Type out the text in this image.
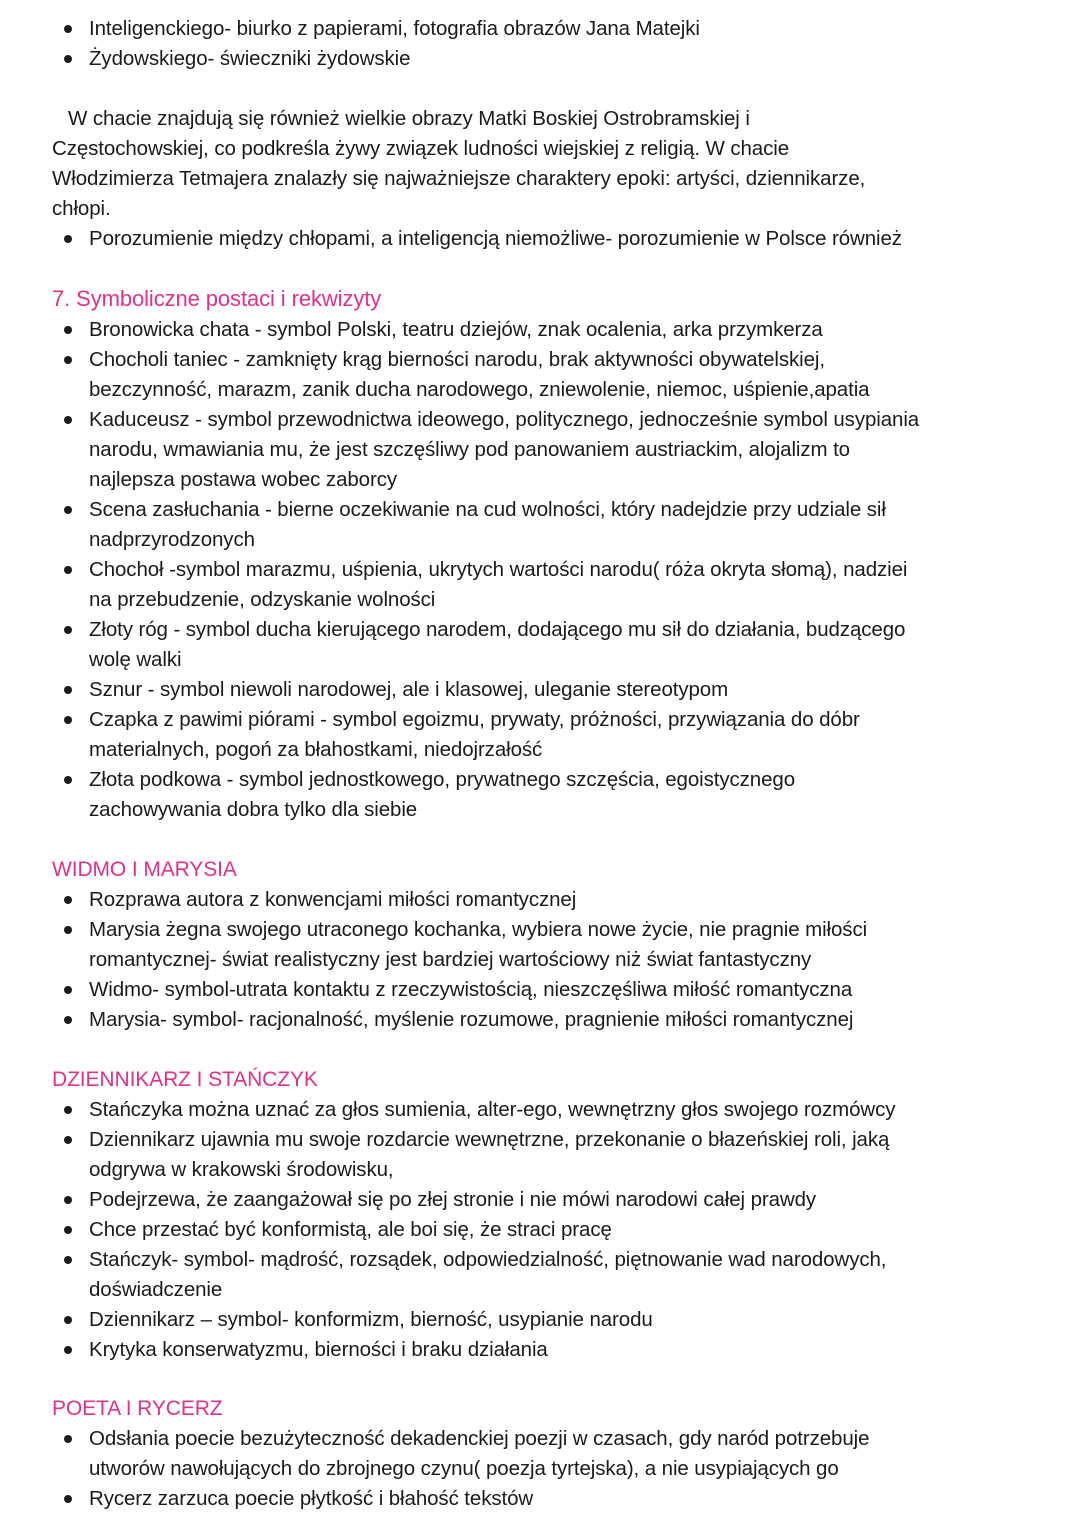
Inteligenckiego- biurko z papierami, fotografia obrazów Jana Matejki
Żydowskiego- świeczniki żydowskie
W chacie znajdują się również wielkie obrazy Matki Boskiej Ostrobramskiej i
Częstochowskiej, co podkreśla żywy związek ludności wiejskiej z religią. W chacie
Włodzimierza Tetmajera znalazły się najważniejsze charaktery epoki: artyści, dziennikarze,
chłopi.
Porozumienie między chłopami, a inteligencją niemożliwe- porozumienie w Polsce również
7. Symboliczne postaci i rekwizyty
Bronowicka chata - symbol Polski, teatru dziejów, znak ocalenia, arka przymkerza
Chocholi taniec - zamknięty krąg bierności narodu, brak aktywności obywatelskiej,
bezczynność, marazm, zanik ducha narodowego, zniewolenie, niemoc, uśpienie,apatia
Kaduceusz - symbol przewodnictwa ideowego, politycznego, jednocześnie symbol usypiania
narodu, wmawiania mu, że jest szczęśliwy pod panowaniem austriackim, alojalizm to
najlepsza postawa wobec zaborcy
Scena zasłuchania - bierne oczekiwanie na cud wolności, który nadejdzie przy udziale sił
nadprzyrodzonych
Chochoł -symbol marazmu, uśpienia, ukrytych wartości narodu( róża okryta słomą), nadziei
na przebudzenie, odzyskanie wolności
Złoty róg - symbol ducha kierującego narodem, dodającego mu sił do działania, budzącego
wolę walki
Sznur - symbol niewoli narodowej, ale i klasowej, uleganie stereotypom
Czapka z pawimi piórami - symbol egoizmu, prywaty, próżności, przywiązania do dóbr
materialnych, pogoń za błahostkami, niedojrzałość
Złota podkowa - symbol jednostkowego, prywatnego szczęścia, egoistycznego
zachowywania dobra tylko dla siebie
WIDMO I MARYSIA
Rozprawa autora z konwencjami miłości romantycznej
Marysia żegna swojego utraconego kochanka, wybiera nowe życie, nie pragnie miłości
romantycznej- świat realistyczny jest bardziej wartościowy niż świat fantastyczny
Widmo- symbol-utrata kontaktu z rzeczywistością, nieszczęśliwa miłość romantyczna
Marysia- symbol- racjonalność, myślenie rozumowe, pragnienie miłości romantycznej
DZIENNIKARZ I STAŃCZYK
Stańczyka można uznać za głos sumienia, alter-ego, wewnętrzny głos swojego rozmówcy
Dziennikarz ujawnia mu swoje rozdarcie wewnętrzne, przekonanie o błazeńskiej roli, jaką
odgrywa w krakowski środowisku,
Podejrzewa, że zaangażował się po złej stronie i nie mówi narodowi całej prawdy
Chce przestać być konformistą, ale boi się, że straci pracę
Stańczyk- symbol- mądrość, rozsądek, odpowiedzialność, piętnowanie wad narodowych,
doświadczenie
Dziennikarz – symbol- konformizm, bierność, usypianie narodu
Krytyka konserwatyzmu, bierności i braku działania
POETA I RYCERZ
Odsłania poecie bezużyteczność dekadenckiej poezji w czasach, gdy naród potrzebuje
utworów nawołujących do zbrojnego czynu( poezja tyrtejska), a nie usypiających go
Rycerz zarzuca poecie płytkość i błahość tekstów
